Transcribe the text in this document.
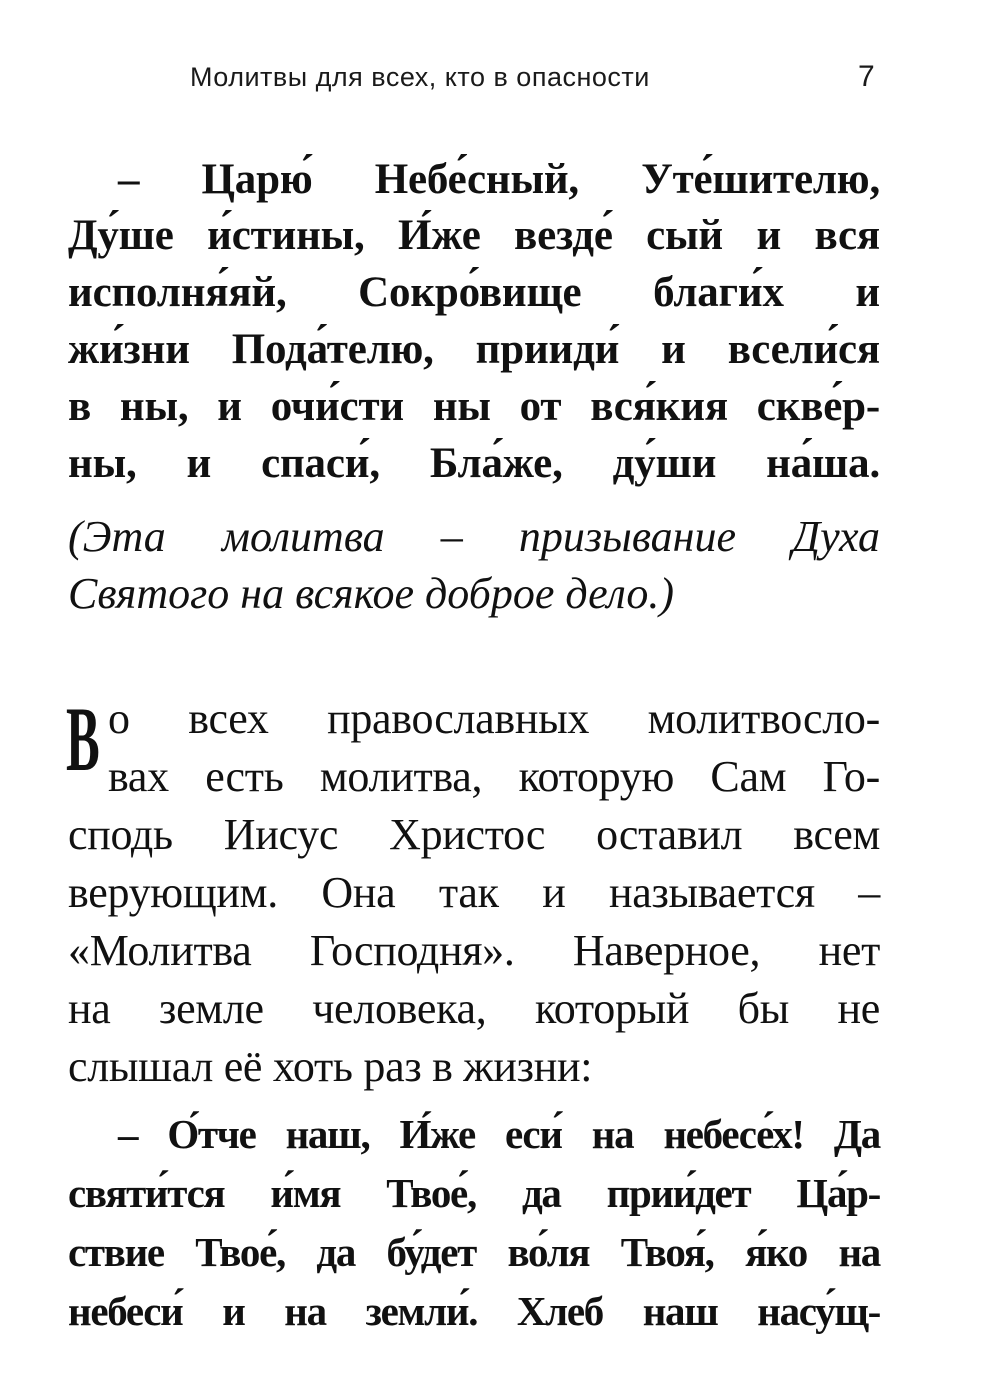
Молитвы для всех, кто в опасности	7
– Царю́ Небе́сный, Уте́шителю,
Ду́ше и́стины, И́же везде́ сый и вся
исполня́яй, Сокро́вище благи́х и
жи́зни Пода́телю, прииди́ и всели́ся
в ны, и очи́сти ны от вся́кия скве́р-
ны, и спаси́, Бла́же, ду́ши на́ша.
(Эта молитва – призывание Духа
Святого на всякое доброе дело.)
В о всех православных молитвосло-
вах есть молитва, которую Сам Го-
сподь Иисус Христос оставил всем
верующим. Она так и называется –
«Молитва Господня». Наверное, нет
на земле человека, который бы не
слышал её хоть раз в жизни:
– О́тче наш, И́же еси́ на небесе́х! Да
святи́тся и́мя Твое́, да прии́дет Ца́р-
ствие Твое́, да бу́дет во́ля Твоя́, я́ко на
небеси́ и на земли́. Хлеб наш насу́щ-
